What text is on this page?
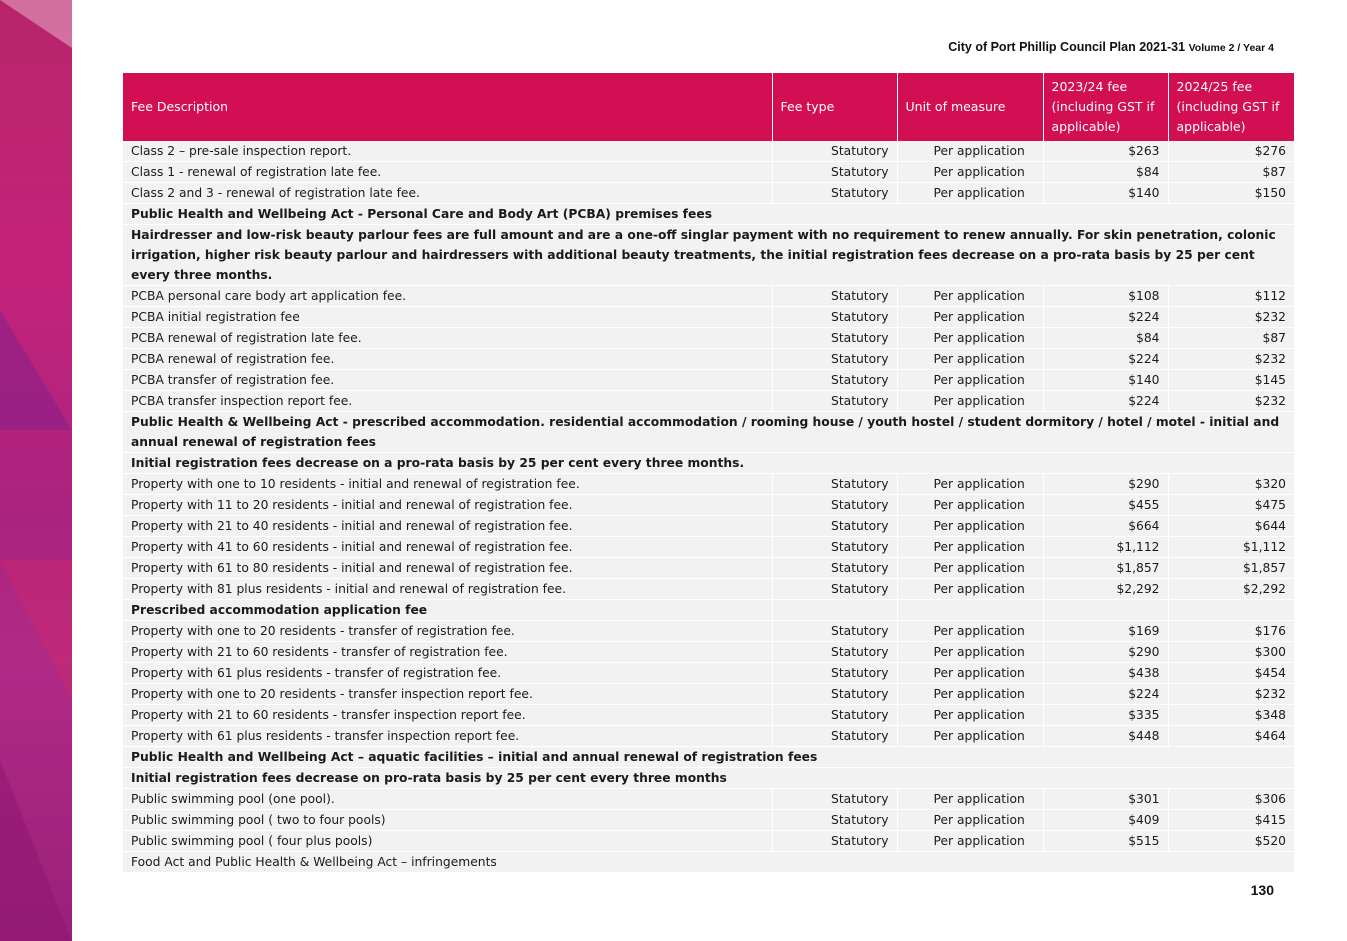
City of Port Phillip Council Plan 2021-31 Volume 2 / Year 4
Fee Description	Fee type	Unit of measure	2023/24 fee (including GST if applicable)	2024/25 fee (including GST if applicable)
Class 2 – pre-sale inspection report.	Statutory	Per application	$263	$276
Class 1 - renewal of registration late fee.	Statutory	Per application	$84	$87
Class 2 and 3 - renewal of registration late fee.	Statutory	Per application	$140	$150
Public Health and Wellbeing Act - Personal Care and Body Art (PCBA) premises fees				
Hairdresser and low-risk beauty parlour fees are full amount and are a one-off singlar payment with no requirement to renew annually. For skin penetration, colonic irrigation, higher risk beauty parlour and hairdressers with additional beauty treatments, the initial registration fees decrease on a pro-rata basis by 25 per cent every three months.				
PCBA personal care body art application fee.	Statutory	Per application	$108	$112
PCBA initial registration fee	Statutory	Per application	$224	$232
PCBA renewal of registration late fee.	Statutory	Per application	$84	$87
PCBA renewal of registration fee.	Statutory	Per application	$224	$232
PCBA transfer of registration fee.	Statutory	Per application	$140	$145
PCBA transfer inspection report fee.	Statutory	Per application	$224	$232
Public Health & Wellbeing Act - prescribed accommodation. residential accommodation / rooming house / youth hostel / student dormitory / hotel / motel - initial and annual renewal of registration fees				
Initial registration fees decrease on a pro-rata basis by 25 per cent every three months.				
Property with one to 10 residents - initial and renewal of registration fee.	Statutory	Per application	$290	$320
Property with 11 to 20 residents - initial and renewal of registration fee.	Statutory	Per application	$455	$475
Property with 21 to 40 residents - initial and renewal of registration fee.	Statutory	Per application	$664	$644
Property with 41 to 60 residents - initial and renewal of registration fee.	Statutory	Per application	$1,112	$1,112
Property with 61 to 80 residents - initial and renewal of registration fee.	Statutory	Per application	$1,857	$1,857
Property with 81 plus residents - initial and renewal of registration fee.	Statutory	Per application	$2,292	$2,292
Prescribed accommodation application fee				
Property with one to 20 residents - transfer of registration fee.	Statutory	Per application	$169	$176
Property with 21 to 60 residents - transfer of registration fee.	Statutory	Per application	$290	$300
Property with 61 plus residents - transfer of registration fee.	Statutory	Per application	$438	$454
Property with one to 20 residents - transfer inspection report fee.	Statutory	Per application	$224	$232
Property with 21 to 60 residents - transfer inspection report fee.	Statutory	Per application	$335	$348
Property with 61 plus residents - transfer inspection report fee.	Statutory	Per application	$448	$464
Public Health and Wellbeing Act – aquatic facilities – initial and annual renewal of registration fees				
Initial registration fees decrease on pro-rata basis by 25 per cent every three months				
Public swimming pool (one pool).	Statutory	Per application	$301	$306
Public swimming pool ( two to four pools)	Statutory	Per application	$409	$415
Public swimming pool ( four plus pools)	Statutory	Per application	$515	$520
Food Act and Public Health & Wellbeing Act – infringements				
130
